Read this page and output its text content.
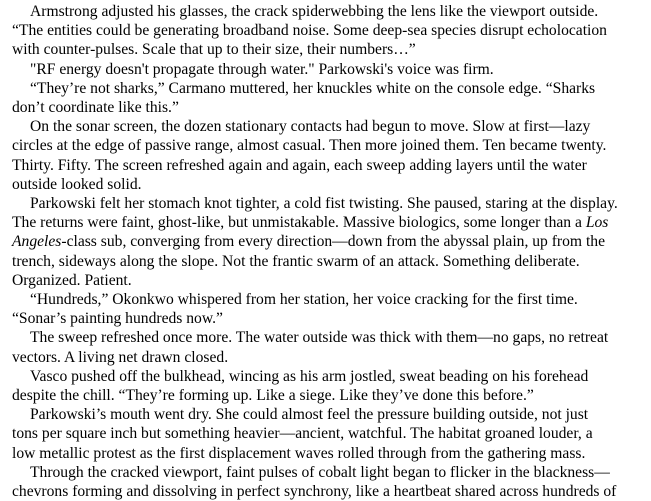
Armstrong adjusted his glasses, the crack spiderwebbing the lens like the viewport outside.
“The entities could be generating broadband noise. Some deep-sea species disrupt echolocation
with counter-pulses. Scale that up to their size, their numbers…”

"RF energy doesn't propagate through water." Parkowski's voice was firm.

“They’re not sharks,” Carmano muttered, her knuckles white on the console edge. “Sharks
don’t coordinate like this.”

On the sonar screen, the dozen stationary contacts had begun to move. Slow at first—lazy
circles at the edge of passive range, almost casual. Then more joined them. Ten became twenty.
Thirty. Fifty. The screen refreshed again and again, each sweep adding layers until the water
outside looked solid.

Parkowski felt her stomach knot tighter, a cold fist twisting. She paused, staring at the display.
The returns were faint, ghost-like, but unmistakable. Massive biologics, some longer than a Los
Angeles-class sub, converging from every direction—down from the abyssal plain, up from the
trench, sideways along the slope. Not the frantic swarm of an attack. Something deliberate.
Organized. Patient.

“Hundreds,” Okonkwo whispered from her station, her voice cracking for the first time.
“Sonar’s painting hundreds now.”

The sweep refreshed once more. The water outside was thick with them—no gaps, no retreat
vectors. A living net drawn closed.

Vasco pushed off the bulkhead, wincing as his arm jostled, sweat beading on his forehead
despite the chill. “They’re forming up. Like a siege. Like they’ve done this before.”

Parkowski’s mouth went dry. She could almost feel the pressure building outside, not just
tons per square inch but something heavier—ancient, watchful. The habitat groaned louder, a
low metallic protest as the first displacement waves rolled through from the gathering mass.

Through the cracked viewport, faint pulses of cobalt light began to flicker in the blackness—
chevrons forming and dissolving in perfect synchrony, like a heartbeat shared across hundreds of
